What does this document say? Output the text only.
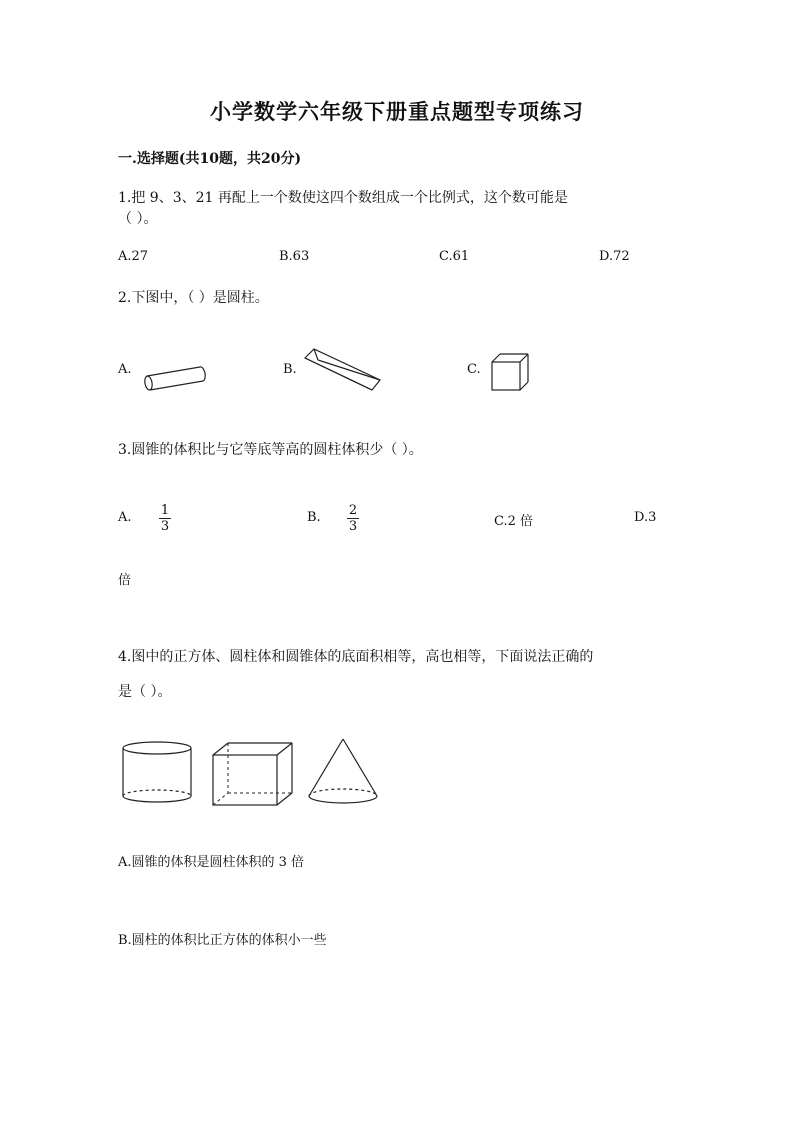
小学数学六年级下册重点题型专项练习
一.选择题(共10题，共20分)
1.把 9、3、21 再配上一个数使这四个数组成一个比例式，这个数可能是
（ ）。
A.27	B.63	C.61	D.72
2.下图中，（ ）是圆柱。
A.	B.	C.
3.圆锥的体积比与它等底等高的圆柱体积少（ ）。
A. 1
3
B. 2
3	C.2 倍	D.3
倍
4.图中的正方体、圆柱体和圆锥体的底面积相等，高也相等，下面说法正确的
是（ ）。
A.圆锥的体积是圆柱体积的 3 倍
B.圆柱的体积比正方体的体积小一些
